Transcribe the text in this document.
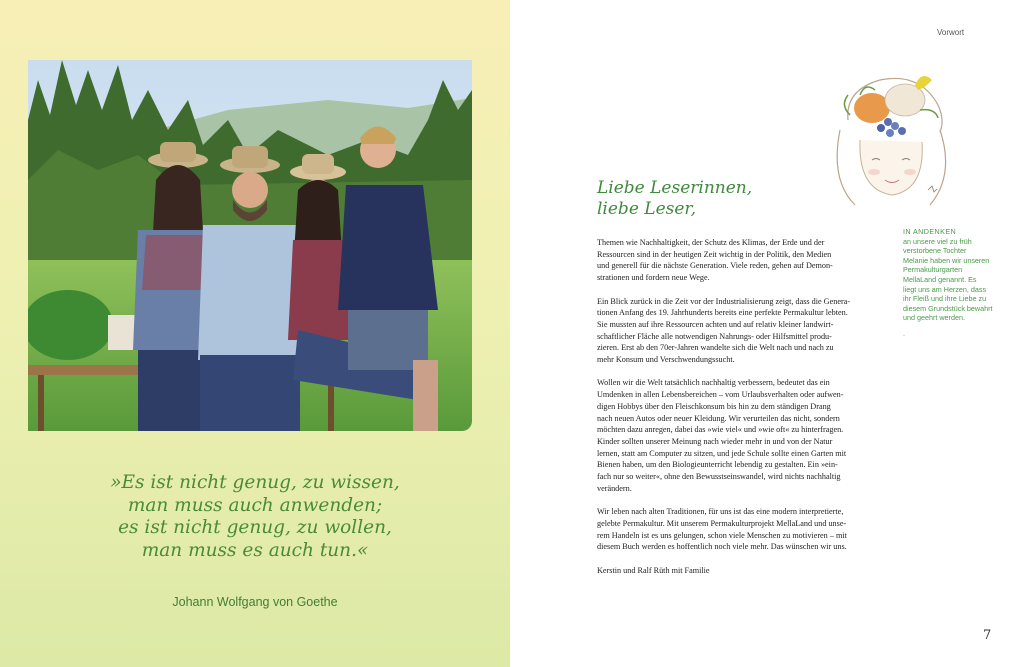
»Es ist nicht genug, zu wissen,
man muss auch anwenden;
es ist nicht genug, zu wollen,
man muss es auch tun.«
Johann Wolfgang von Goethe
Vorwort
Liebe Leserinnen,
liebe Leser,

Themen wie Nachhaltigkeit, der Schutz des Klimas, der Erde und der
Ressourcen sind in der heutigen Zeit wichtig in der Politik, den Medien
und generell für die nächste Generation. Viele reden, gehen auf Demon-
strationen und fordern neue Wege.

Ein Blick zurück in die Zeit vor der Industrialisierung zeigt, dass die Genera-
tionen Anfang des 19. Jahrhunderts bereits eine perfekte Permakultur lebten.
Sie mussten auf ihre Ressourcen achten und auf relativ kleiner landwirt-
schaftlicher Fläche alle notwendigen Nahrungs- oder Hilfsmittel produ-
zieren. Erst ab den 70er-Jahren wandelte sich die Welt nach und nach zu
mehr Konsum und Verschwendungssucht.

Wollen wir die Welt tatsächlich nachhaltig verbessern, bedeutet das ein
Umdenken in allen Lebensbereichen – vom Urlaubsverhalten oder aufwen-
digen Hobbys über den Fleischkonsum bis hin zu dem ständigen Drang
nach neuen Autos oder neuer Kleidung. Wir verurteilen das nicht, sondern
möchten dazu anregen, dabei das »wie viel« und »wie oft« zu hinterfragen.
Kinder sollten unserer Meinung nach wieder mehr in und von der Natur
lernen, statt am Computer zu sitzen, und jede Schule sollte einen Garten mit
Bienen haben, um den Biologieunterricht lebendig zu gestalten. Ein »ein-
fach nur so weiter«, ohne den Bewusstseinswandel, wird nichts nachhaltig
verändern.

Wir leben nach alten Traditionen, für uns ist das eine modern interpretierte,
gelebte Permakultur. Mit unserem Permakulturprojekt MellaLand und unse-
rem Handeln ist es uns gelungen, schon viele Menschen zu motivieren – mit
diesem Buch werden es hoffentlich noch viele mehr. Das wünschen wir uns.

Kerstin und Ralf Rüth mit Familie

IN ANDENKEN
an unsere viel zu früh
verstorbene Tochter
Melanie haben wir unseren
Permakulturgarten
MellaLand genannt. Es
liegt uns am Herzen, dass
ihr Fleiß und ihre Liebe zu
diesem Grundstück bewahrt
und geehrt werden.
.
7
